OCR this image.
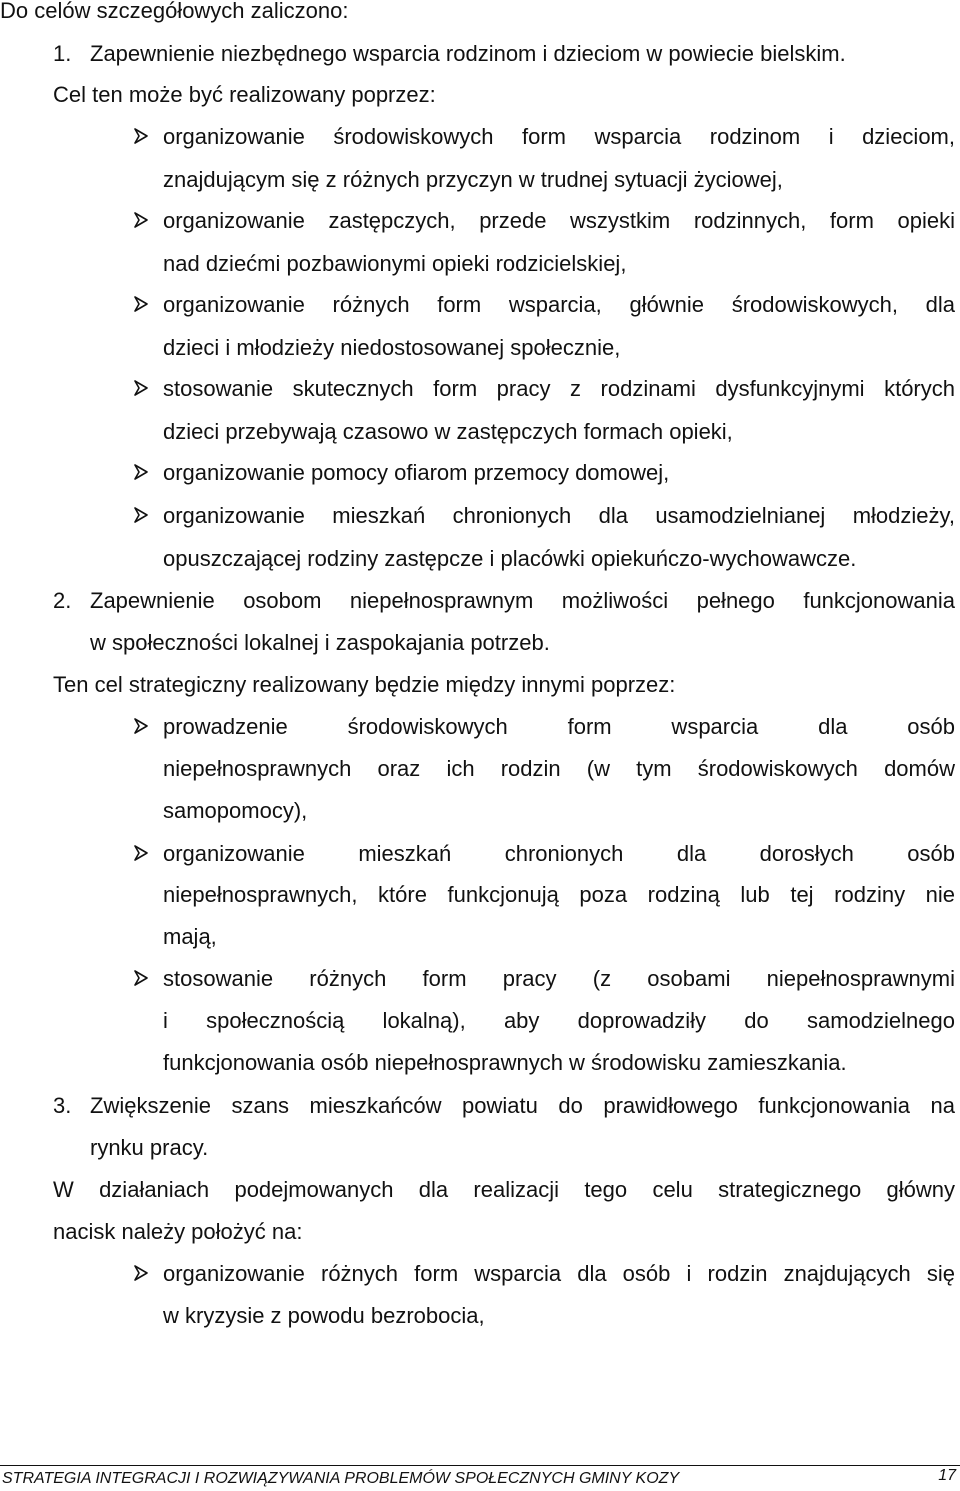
Do celów szczegółowych zaliczono:

1. Zapewnienie niezbędnego wsparcia rodzinom i dzieciom w powiecie bielskim.

Cel ten może być realizowany poprzez:

organizowanie środowiskowych form wsparcia rodzinom i dzieciom,

znajdującym się z różnych przyczyn w trudnej sytuacji życiowej,

organizowanie zastępczych, przede wszystkim rodzinnych, form opieki

nad dziećmi pozbawionymi opieki rodzicielskiej,

organizowanie różnych form wsparcia, głównie środowiskowych, dla

dzieci i młodzieży niedostosowanej społecznie,

stosowanie skutecznych form pracy z rodzinami dysfunkcyjnymi których

dzieci przebywają czasowo w zastępczych formach opieki,

organizowanie pomocy ofiarom przemocy domowej,

organizowanie mieszkań chronionych dla usamodzielnianej młodzieży,

opuszczającej rodziny zastępcze i placówki opiekuńczo-wychowawcze.

2. Zapewnienie osobom niepełnosprawnym możliwości pełnego funkcjonowania

w społeczności lokalnej i zaspokajania potrzeb.

Ten cel strategiczny realizowany będzie między innymi poprzez:

prowadzenie środowiskowych form wsparcia dla osób

niepełnosprawnych oraz ich rodzin (w tym środowiskowych domów

samopomocy),

organizowanie mieszkań chronionych dla dorosłych osób

niepełnosprawnych, które funkcjonują poza rodziną lub tej rodziny nie

mają,

stosowanie różnych form pracy (z osobami niepełnosprawnymi

i społecznością lokalną), aby doprowadziły do samodzielnego

funkcjonowania osób niepełnosprawnych w środowisku zamieszkania.

3. Zwiększenie szans mieszkańców powiatu do prawidłowego funkcjonowania na

rynku pracy.

W działaniach podejmowanych dla realizacji tego celu strategicznego główny

nacisk należy położyć na:

organizowanie różnych form wsparcia dla osób i rodzin znajdujących się

w kryzysie z powodu bezrobocia,

STRATEGIA INTEGRACJI I ROZWIĄZYWANIA PROBLEMÓW SPOŁECZNYCH GMINY KOZY	17
